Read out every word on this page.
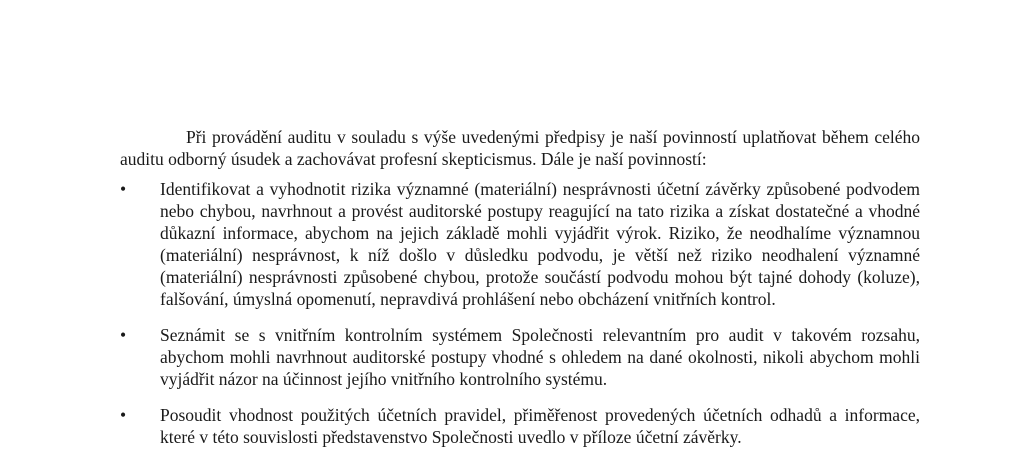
Při provádění auditu v souladu s výše uvedenými předpisy je naší povinností uplatňovat během celého auditu odborný úsudek a zachovávat profesní skepticismus. Dále je naší povinností:

• Identifikovat a vyhodnotit rizika významné (materiální) nesprávnosti účetní závěrky způsobené podvodem nebo chybou, navrhnout a provést auditorské postupy reagující na tato rizika a získat dostatečné a vhodné důkazní informace, abychom na jejich základě mohli vyjádřit výrok. Riziko, že neodhalíme významnou (materiální) nesprávnost, k níž došlo v důsledku podvodu, je větší než riziko neodhalení významné (materiální) nesprávnosti způsobené chybou, protože součástí podvodu mohou být tajné dohody (koluze), falšování, úmyslná opomenutí, nepravdivá prohlášení nebo obcházení vnitřních kontrol.

• Seznámit se s vnitřním kontrolním systémem Společnosti relevantním pro audit v takovém rozsahu, abychom mohli navrhnout auditorské postupy vhodné s ohledem na dané okolnosti, nikoli abychom mohli vyjádřit názor na účinnost jejího vnitřního kontrolního systému.

• Posoudit vhodnost použitých účetních pravidel, přiměřenost provedených účetních odhadů a informace, které v této souvislosti představenstvo Společnosti uvedlo v příloze účetní závěrky.
